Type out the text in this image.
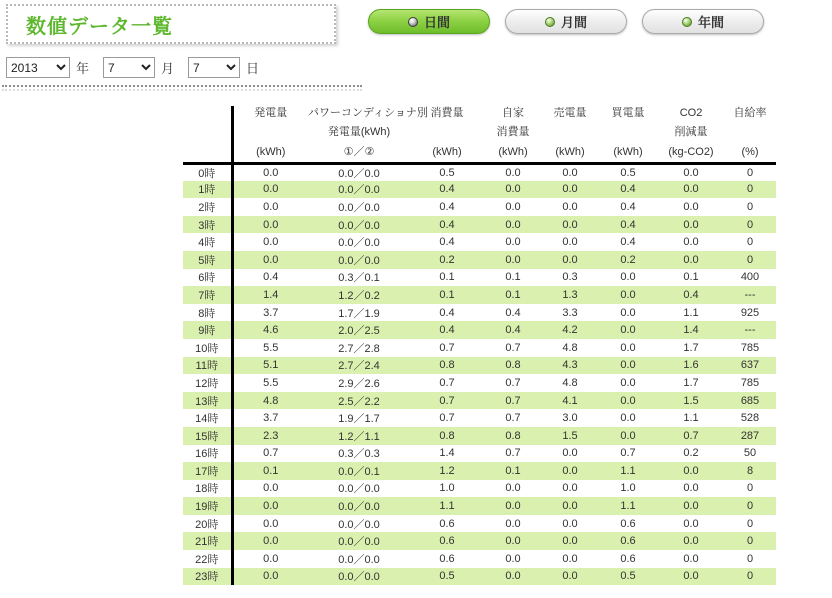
数値データ一覧	日間	月間	年間
2013
年
7	月
7	日

発電量
(kWh)

パワーコンディショナ別
発電量(kWh)
①／②

消費量
(kWh)

自家
消費量
(kWh)

売電量
(kWh)

買電量
(kWh)

CO2
削減量
(kg-CO2)

自給率
(%)

0時	0.0	0.0／0.0	0.5	0.0	0.0	0.5	0.0	0
1時	0.0	0.0／0.0	0.4	0.0	0.0	0.4	0.0	0
2時	0.0	0.0／0.0	0.4	0.0	0.0	0.4	0.0	0
3時	0.0	0.0／0.0	0.4	0.0	0.0	0.4	0.0	0
4時	0.0	0.0／0.0	0.4	0.0	0.0	0.4	0.0	0
5時	0.0	0.0／0.0	0.2	0.0	0.0	0.2	0.0	0
6時	0.4	0.3／0.1	0.1	0.1	0.3	0.0	0.1	400
7時	1.4	1.2／0.2	0.1	0.1	1.3	0.0	0.4	---
8時	3.7	1.7／1.9	0.4	0.4	3.3	0.0	1.1	925
9時	4.6	2.0／2.5	0.4	0.4	4.2	0.0	1.4	---
10時	5.5	2.7／2.8	0.7	0.7	4.8	0.0	1.7	785
11時	5.1	2.7／2.4	0.8	0.8	4.3	0.0	1.6	637
12時	5.5	2.9／2.6	0.7	0.7	4.8	0.0	1.7	785
13時	4.8	2.5／2.2	0.7	0.7	4.1	0.0	1.5	685
14時	3.7	1.9／1.7	0.7	0.7	3.0	0.0	1.1	528
15時	2.3	1.2／1.1	0.8	0.8	1.5	0.0	0.7	287
16時	0.7	0.3／0.3	1.4	0.7	0.0	0.7	0.2	50
17時	0.1	0.0／0.1	1.2	0.1	0.0	1.1	0.0	8
18時	0.0	0.0／0.0	1.0	0.0	0.0	1.0	0.0	0
19時	0.0	0.0／0.0	1.1	0.0	0.0	1.1	0.0	0
20時	0.0	0.0／0.0	0.6	0.0	0.0	0.6	0.0	0
21時	0.0	0.0／0.0	0.6	0.0	0.0	0.6	0.0	0
22時	0.0	0.0／0.0	0.6	0.0	0.0	0.6	0.0	0
23時	0.0	0.0／0.0	0.5	0.0	0.0	0.5	0.0	0
